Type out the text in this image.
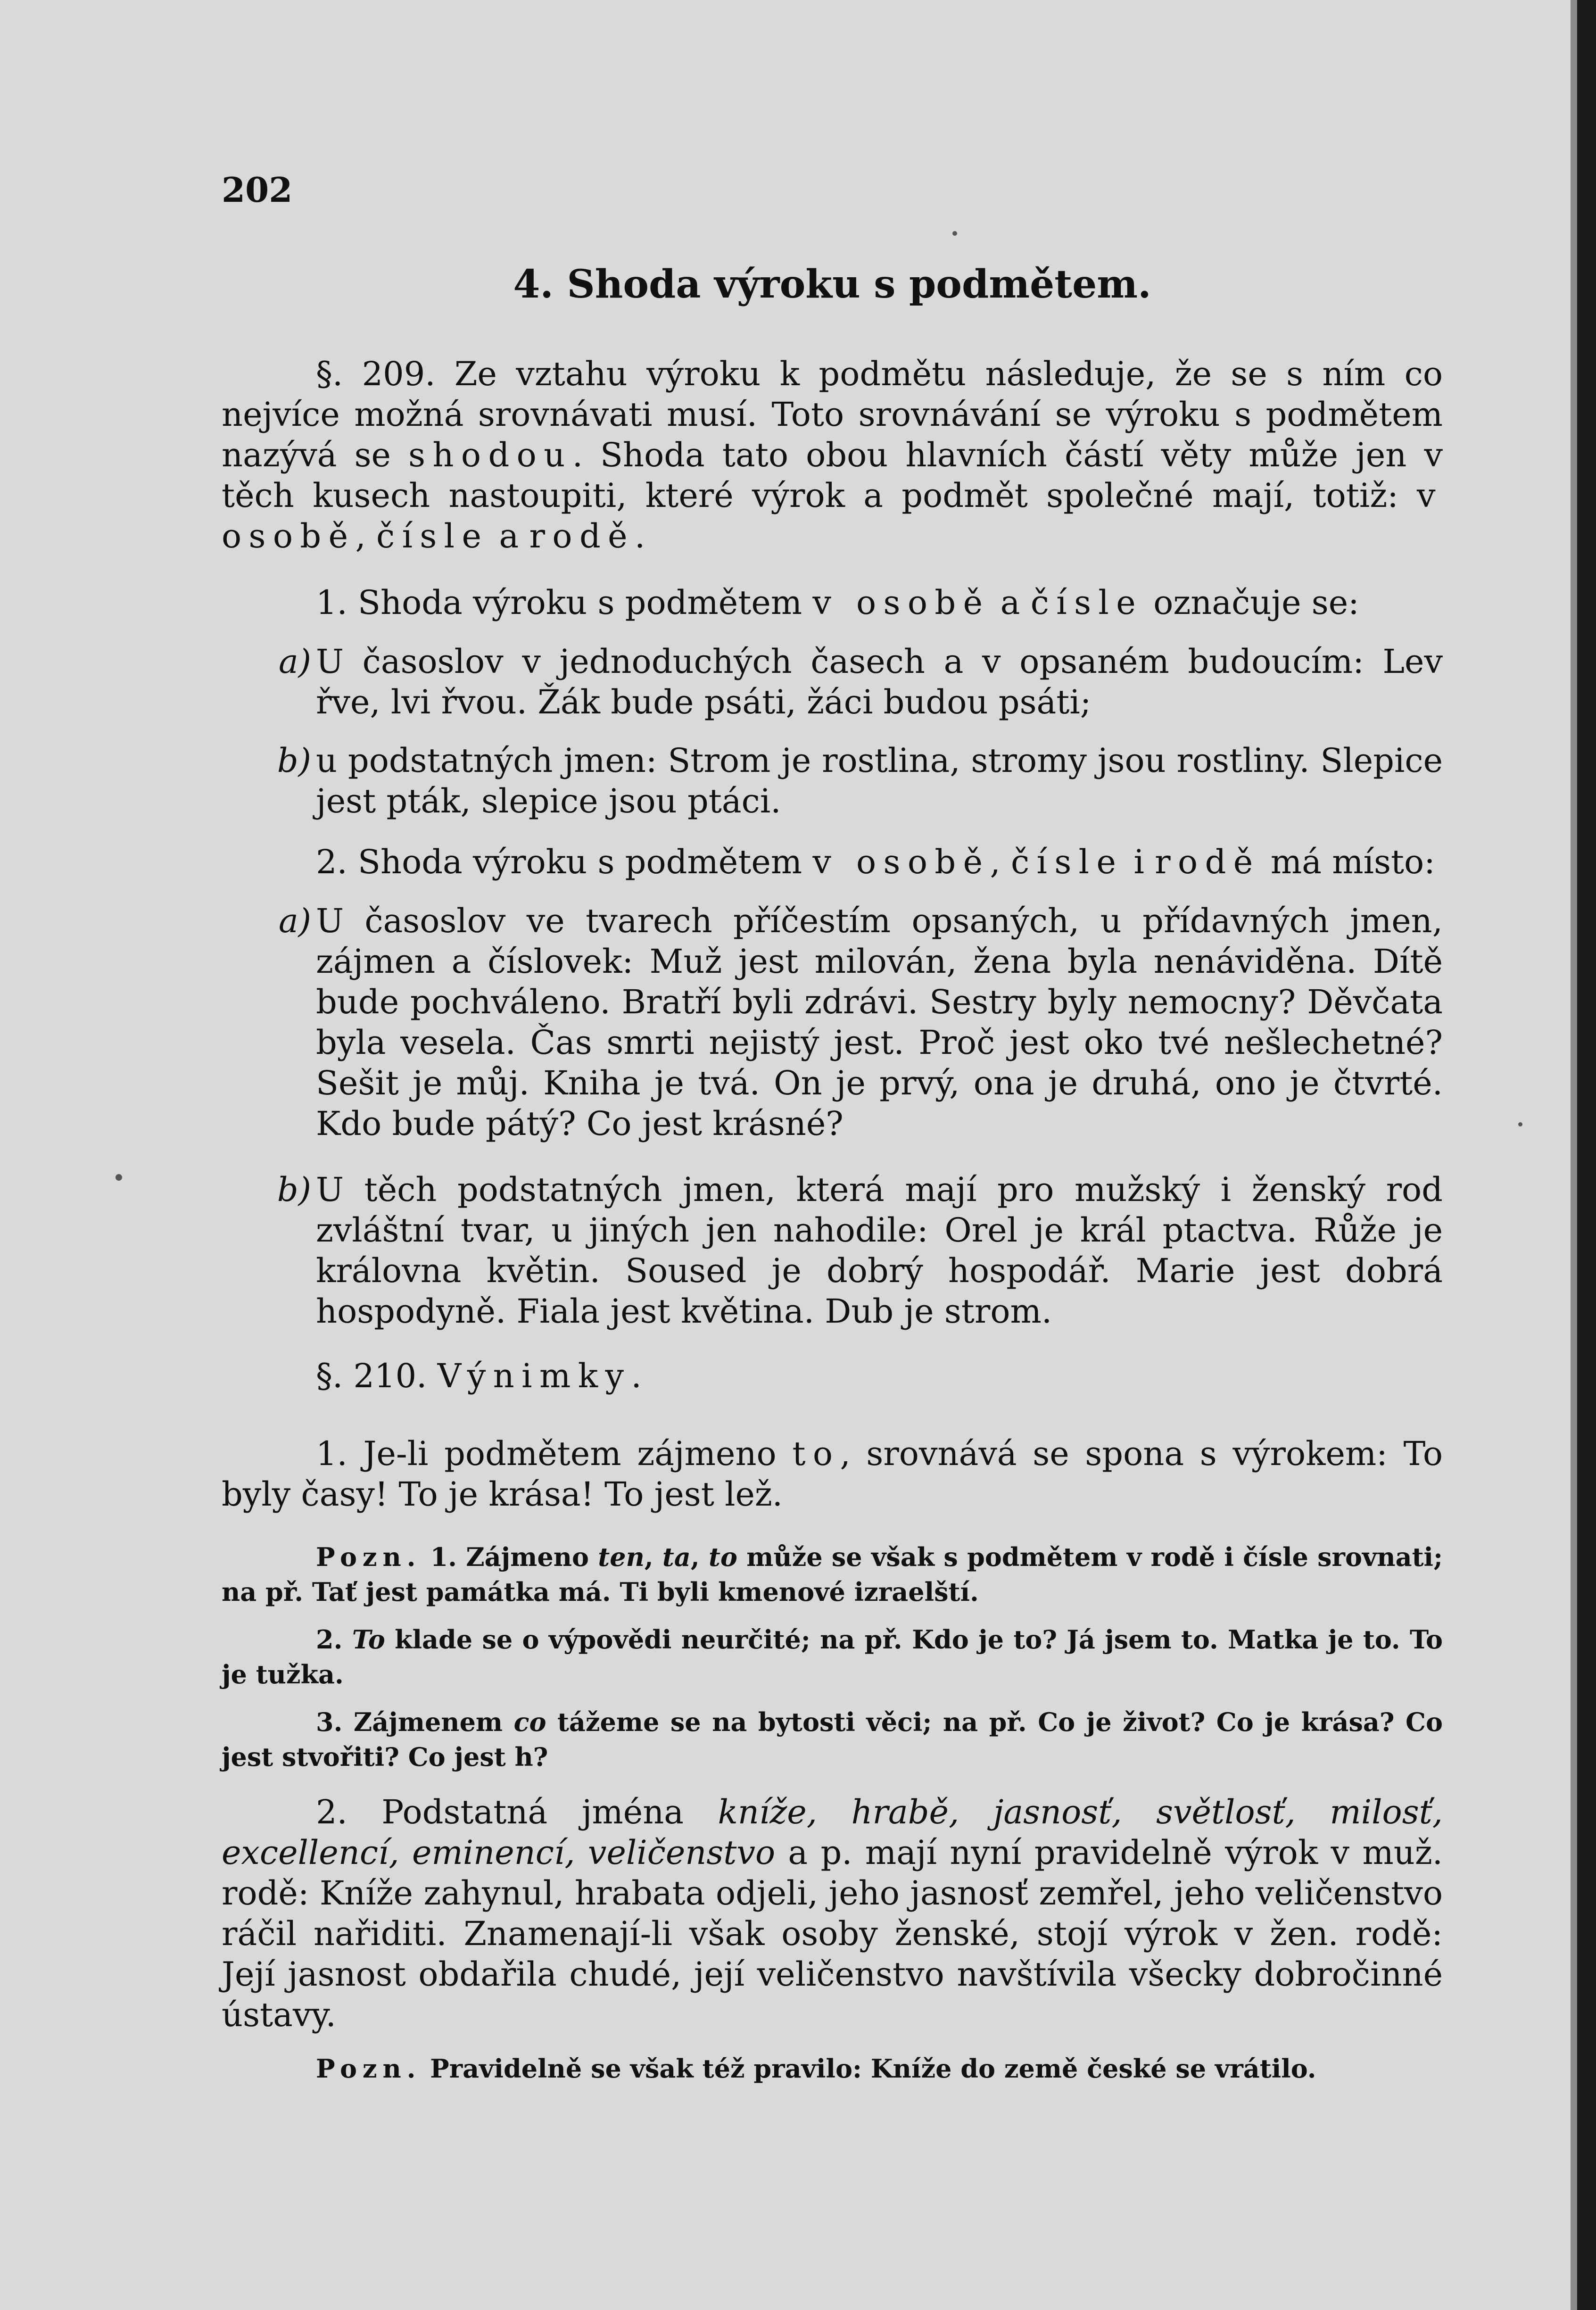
202
4. Shoda výroku s podmětem.

§. 209. Ze vztahu výroku k podmětu následuje, že se s ním co nejvíce možná srovnávati musí. Toto srovnávání se výroku s podmětem nazývá se shodou. Shoda tato obou hlavních částí věty může jen v těch kusech nastoupiti, které výrok a podmět společné mají, totiž: v osobě, čísle a rodě.

1. Shoda výroku s podmětem v osobě a čísle označuje se:

a) U časoslov v jednoduchých časech a v opsaném budoucím: Lev řve, lvi řvou. Žák bude psáti, žáci budou psáti;

b) u podstatných jmen: Strom je rostlina, stromy jsou rostliny. Slepice jest pták, slepice jsou ptáci.

2. Shoda výroku s podmětem v osobě, čísle i rodě má místo:

a) U časoslov ve tvarech příčestím opsaných, u přídavných jmen, zájmen a číslovek: Muž jest milován, žena byla nenáviděna. Dítě bude pochváleno. Bratří byli zdrávi. Sestry byly nemocny? Děvčata byla vesela. Čas smrti nejistý jest. Proč jest oko tvé nešlechetné? Sešit je můj. Kniha je tvá. On je prvý, ona je druhá, ono je čtvrté. Kdo bude pátý? Co jest krásné?

b) U těch podstatných jmen, která mají pro mužský i ženský rod zvláštní tvar, u jiných jen nahodile: Orel je král ptactva. Růže je královna květin. Soused je dobrý hospodář. Marie jest dobrá hospodyně. Fiala jest květina. Dub je strom.

§. 210. Výnimky.

1. Je-li podmětem zájmeno to, srovnává se spona s výrokem: To byly časy! To je krása! To jest lež.

Pozn. 1. Zájmeno ten, ta, to může se však s podmětem v rodě i čísle srovnati; na př. Tať jest památka má. Ti byli kmenové izraelští.

2. To klade se o výpovědi neurčité; na př. Kdo je to? Já jsem to. Matka je to. To je tužka.

3. Zájmenem co tážeme se na bytosti věci; na př. Co je život? Co je krása? Co jest stvořiti? Co jest h?

2. Podstatná jména kníže, hrabě, jasnosť, světlosť, milosť, excellencí, eminencí, veličenstvo a p. mají nyní pravidelně výrok v muž. rodě: Kníže zahynul, hrabata odjeli, jeho jasnosť zemřel, jeho veličenstvo ráčil nařiditi. Znamenají-li však osoby ženské, stojí výrok v žen. rodě: Její jasnost obdařila chudé, její veličenstvo navštívila všecky dobročinné ústavy.

Pozn. Pravidelně se však též pravilo: Kníže do země české se vrátilo.
